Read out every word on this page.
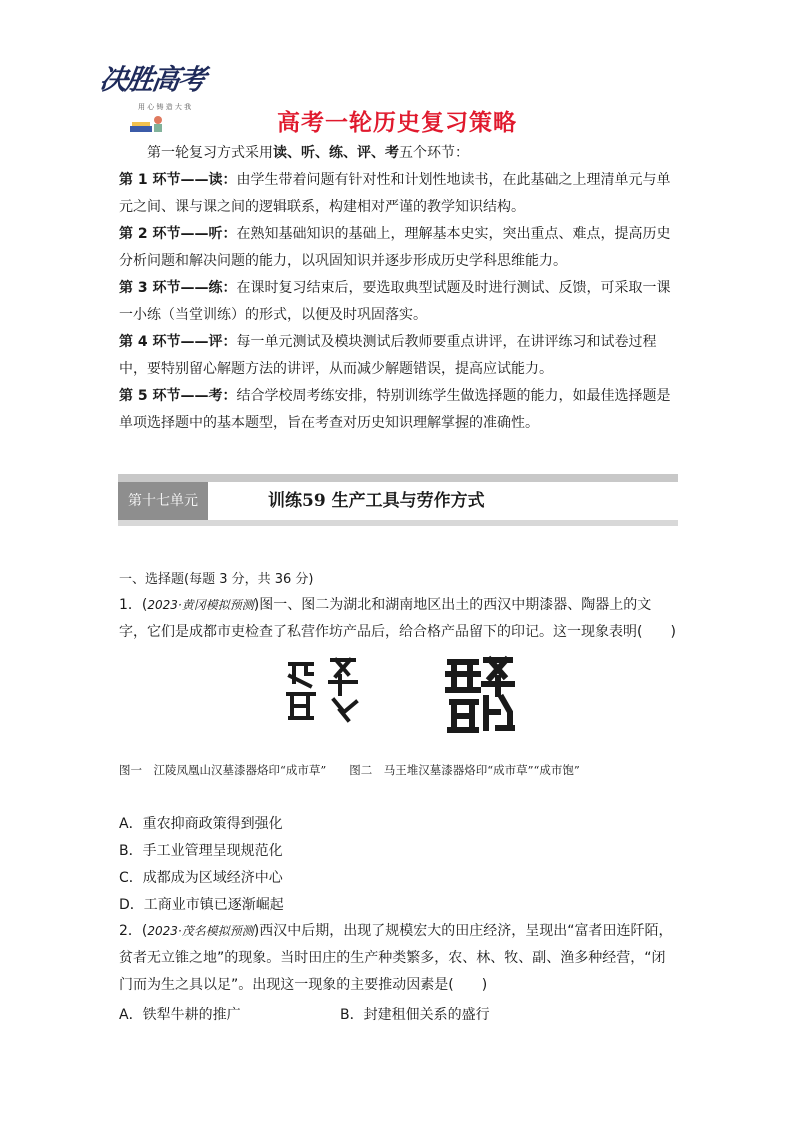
决胜高考
用 心 铸 造 大 我
高考一轮历史复习策略
第一轮复习方式采用读、听、练、评、考五个环节：
第 1 环节——读：由学生带着问题有针对性和计划性地读书，在此基础之上理清单元与单元之间、课与课之间的逻辑联系，构建相对严谨的教学知识结构。
第 2 环节——听：在熟知基础知识的基础上，理解基本史实，突出重点、难点，提高历史分析问题和解决问题的能力，以巩固知识并逐步形成历史学科思维能力。
第 3 环节——练：在课时复习结束后，要选取典型试题及时进行测试、反馈，可采取一课一小练（当堂训练）的形式，以便及时巩固落实。
第 4 环节——评：每一单元测试及模块测试后教师要重点讲评，在讲评练习和试卷过程中，要特别留心解题方法的讲评，从而减少解题错误，提高应试能力。
第 5 环节——考：结合学校周考练安排，特别训练学生做选择题的能力，如最佳选择题是单项选择题中的基本题型，旨在考查对历史知识理解掌握的准确性。
第十七单元	训练59 生产工具与劳作方式
一、选择题(每题 3 分，共 36 分)
1．(2023·黄冈模拟预测)图一、图二为湖北和湖南地区出土的西汉中期漆器、陶器上的文字，它们是成都市吏检查了私营作坊产品后，给合格产品留下的印记。这一现象表明(　　)
图一　江陵凤凰山汉墓漆器烙印“成市草”　　图二　马王堆汉墓漆器烙印“成市草”“成市饱”
A．重农抑商政策得到强化
B．手工业管理呈现规范化
C．成都成为区域经济中心
D．工商业市镇已逐渐崛起
2．(2023·茂名模拟预测)西汉中后期，出现了规模宏大的田庄经济，呈现出“富者田连阡陌，贫者无立锥之地”的现象。当时田庄的生产种类繁多，农、林、牧、副、渔多种经营，“闭门而为生之具以足”。出现这一现象的主要推动因素是(　　)
A．铁犁牛耕的推广	B．封建租佃关系的盛行
